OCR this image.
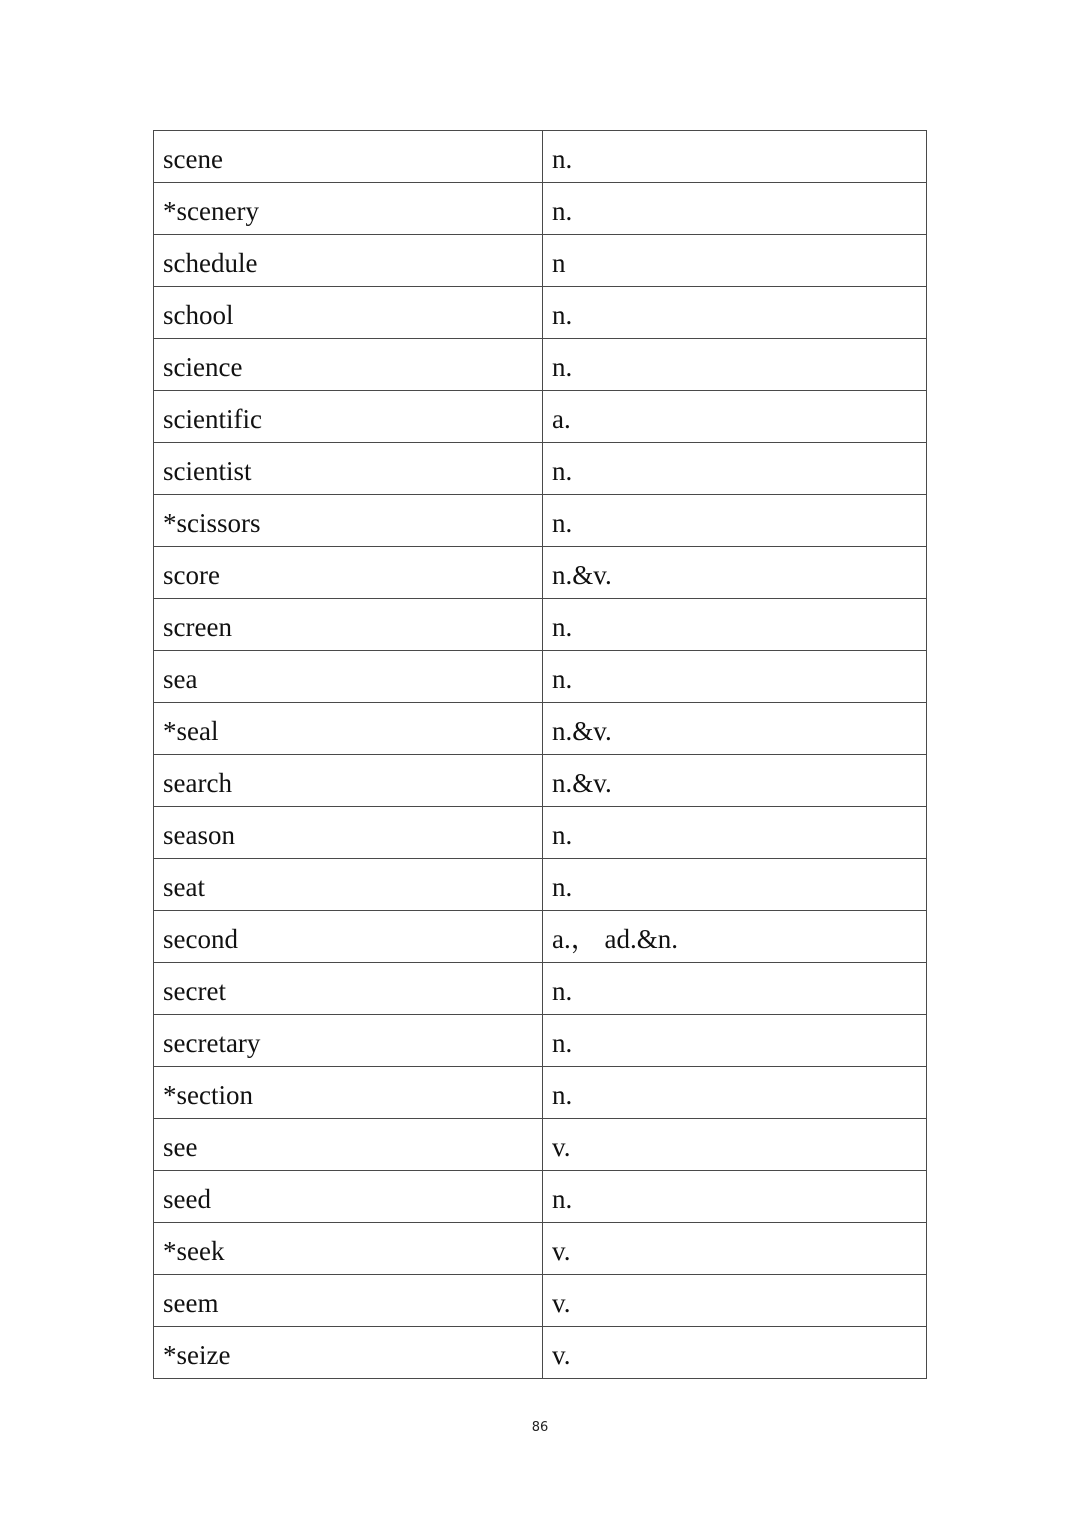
scene	n.
*scenery	n.
schedule	n
school	n.
science	n.
scientific	a.
scientist	n.
*scissors	n.
score	n.&v.
screen	n.
sea	n.
*seal	n.&v.
search	n.&v.
season	n.
seat	n.
second	a.， ad.&n.
secret	n.
secretary	n.
*section	n.
see	v.
seed	n.
*seek	v.
seem	v.
*seize	v.
86
